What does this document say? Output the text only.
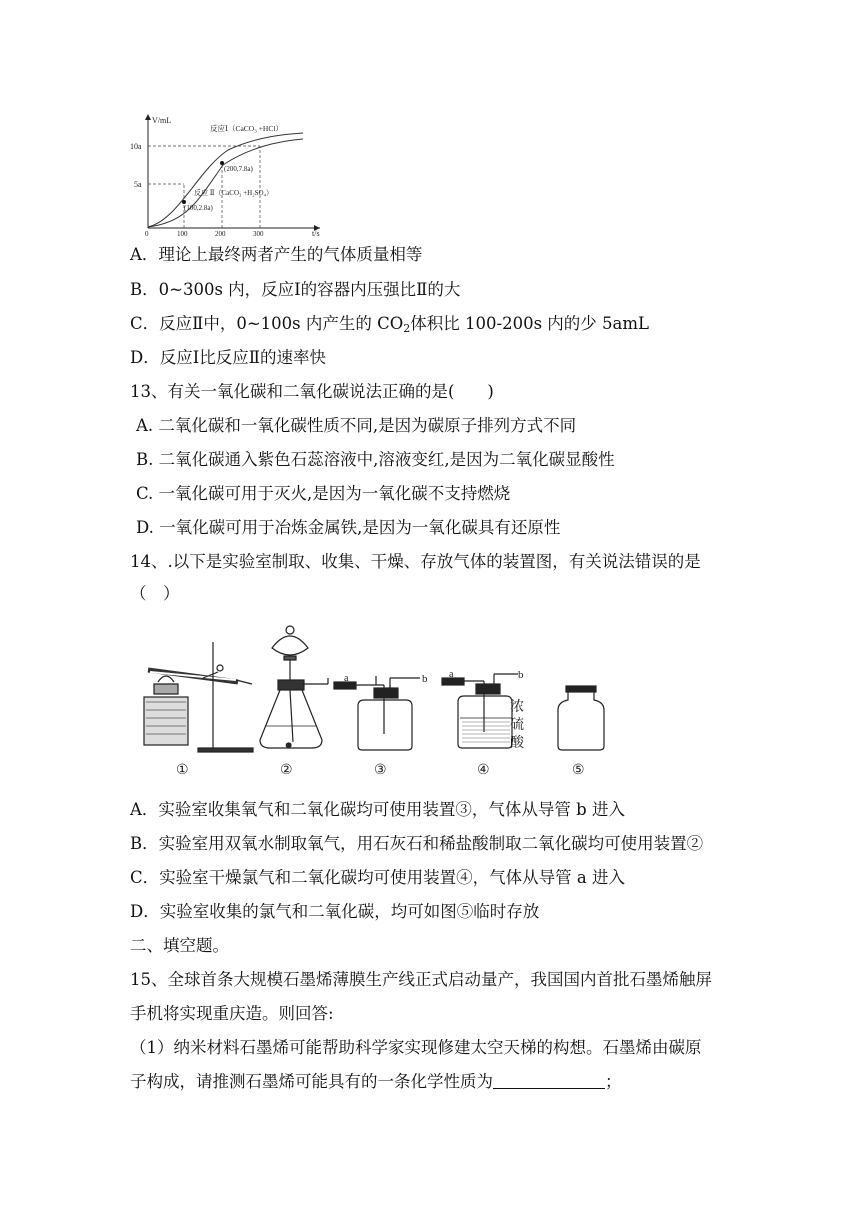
V/mL
t/s
10a
5a
0	100	200	300
反应Ⅰ（CaCO₃ +HCl）
反应 Ⅱ（CaCO₃ +H₂SO₄）
(200,7.8a)
(100,2.8a)
A．理论上最终两者产生的气体质量相等
B．0~300s 内，反应Ⅰ的容器内压强比Ⅱ的大
C．反应Ⅱ中，0~100s 内产生的 $CO_2$体积比 100-200s 内的少 5amL
D．反应Ⅰ比反应Ⅱ的速率快
13、有关一氧化碳和二氧化碳说法正确的是(　　)
A. 二氧化碳和一氧化碳性质不同,是因为碳原子排列方式不同
B. 二氧化碳通入紫色石蕊溶液中,溶液变红,是因为二氧化碳显酸性
C. 一氧化碳可用于灭火,是因为一氧化碳不支持燃烧
D. 一氧化碳可用于冶炼金属铁,是因为一氧化碳具有还原性
14、.以下是实验室制取、收集、干燥、存放气体的装置图，有关说法错误的是
（　）
①
ω
②
a	b
③
a	b
浓
硫
酸
④	⑤
A．实验室收集氧气和二氧化碳均可使用装置③，气体从导管 b 进入
B．实验室用双氧水制取氧气，用石灰石和稀盐酸制取二氧化碳均可使用装置②
C．实验室干燥氯气和二氧化碳均可使用装置④，气体从导管 a 进入
D．实验室收集的氯气和二氧化碳，均可如图⑤临时存放
二、填空题。
15、全球首条大规模石墨烯薄膜生产线正式启动量产，我国国内首批石墨烯触屏
手机将实现重庆造。则回答:
（1）纳米材料石墨烯可能帮助科学家实现修建太空天梯的构想。石墨烯由碳原
子构成，请推测石墨烯可能具有的一条化学性质为	；
